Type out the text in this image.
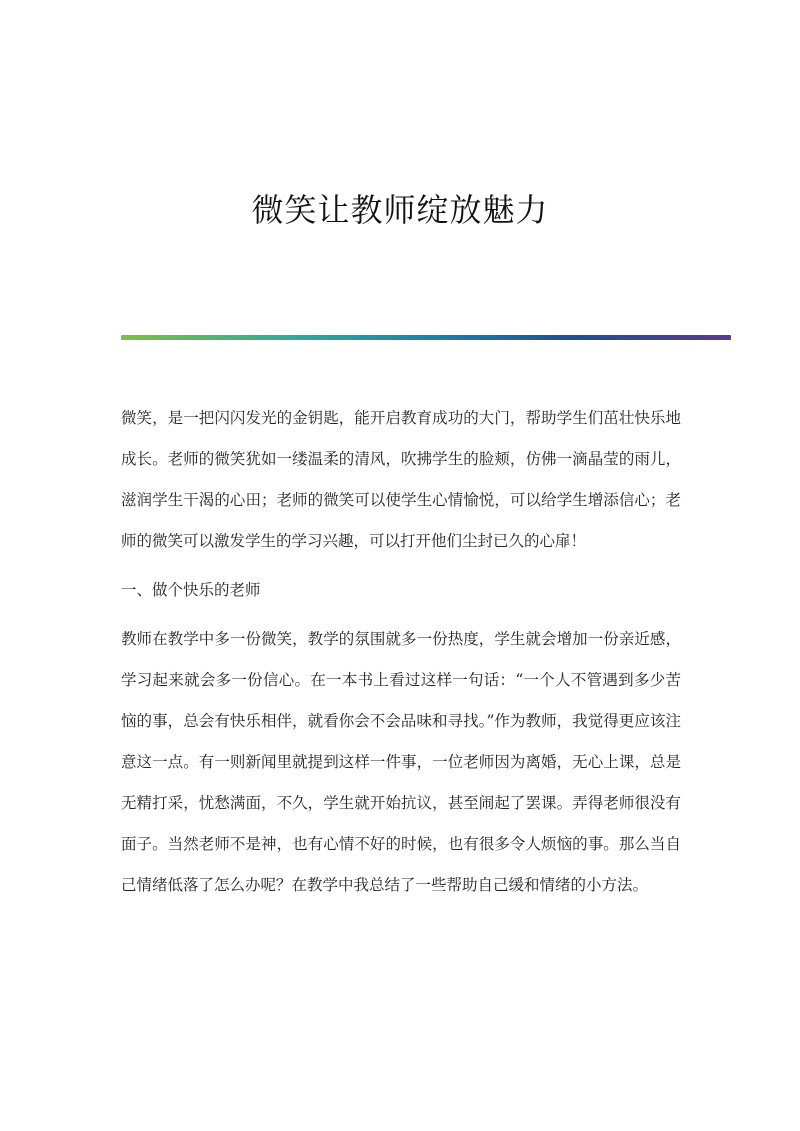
微笑让教师绽放魅力

微笑，是一把闪闪发光的金钥匙，能开启教育成功的大门，帮助学生们茁壮快乐地成长。老师的微笑犹如一缕温柔的清风，吹拂学生的脸颊，仿佛一滴晶莹的雨儿，滋润学生干渴的心田；老师的微笑可以使学生心情愉悦，可以给学生增添信心；老师的微笑可以激发学生的学习兴趣，可以打开他们尘封已久的心扉！

一、做个快乐的老师

教师在教学中多一份微笑，教学的氛围就多一份热度，学生就会增加一份亲近感，学习起来就会多一份信心。在一本书上看过这样一句话：“一个人不管遇到多少苦恼的事，总会有快乐相伴，就看你会不会品味和寻找。”作为教师，我觉得更应该注意这一点。有一则新闻里就提到这样一件事，一位老师因为离婚，无心上课，总是无精打采，忧愁满面，不久，学生就开始抗议，甚至闹起了罢课。弄得老师很没有面子。当然老师不是神，也有心情不好的时候，也有很多令人烦恼的事。那么当自己情绪低落了怎么办呢？在教学中我总结了一些帮助自己缓和情绪的小方法。
